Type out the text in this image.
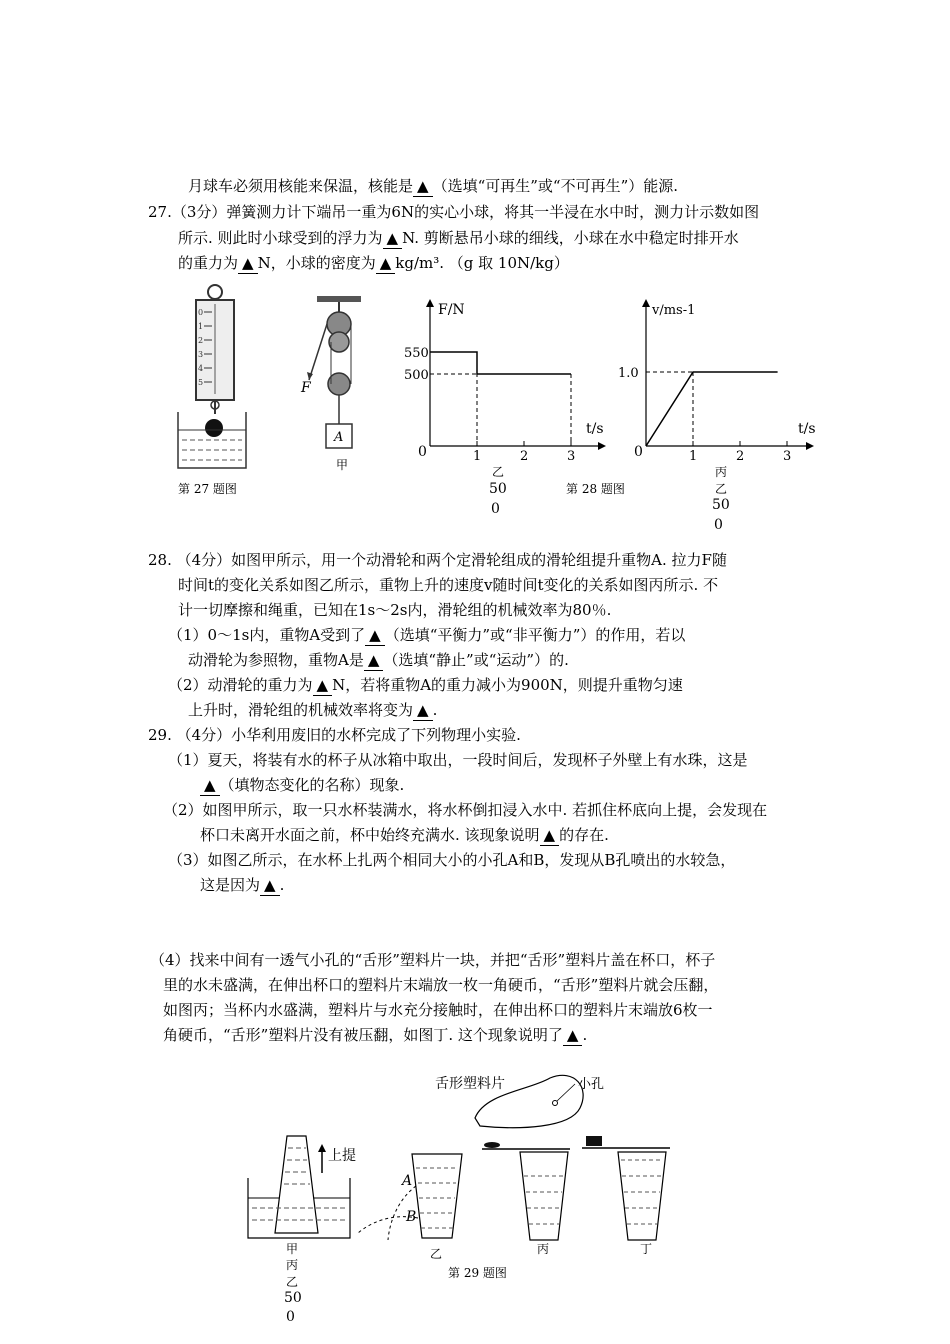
月球车必须用核能来保温，核能是 ▲ （选填“可再生”或“不可再生”）能源.
27.（3分）弹簧测力计下端吊一重为6N的实心小球，将其一半浸在水中时，测力计示数如图
所示. 则此时小球受到的浮力为 ▲ N. 剪断悬吊小球的细线，小球在水中稳定时排开水
的重力为 ▲ N，小球的密度为 ▲ kg/m³. （g 取 10N/kg）
0
1
2
3
4
5
第 27 题图
F
A
甲
F/N
t/s
0	1	2	3
550
500
乙
50
0
第 28 题图
v/ms-1
t/s
0	1	2	3
1.0
丙
乙
50
0
28. （4分）如图甲所示，用一个动滑轮和两个定滑轮组成的滑轮组提升重物A. 拉力F随
时间t的变化关系如图乙所示，重物上升的速度v随时间t变化的关系如图丙所示. 不
计一切摩擦和绳重，已知在1s～2s内，滑轮组的机械效率为80％.
（1）0～1s内，重物A受到了 ▲ （选填“平衡力”或“非平衡力”）的作用，若以
动滑轮为参照物，重物A是 ▲ （选填“静止”或“运动”）的.
（2）动滑轮的重力为 ▲ N，若将重物A的重力减小为900N，则提升重物匀速
上升时，滑轮组的机械效率将变为 ▲ .
29. （4分）小华利用废旧的水杯完成了下列物理小实验.
（1）夏天，将装有水的杯子从冰箱中取出，一段时间后，发现杯子外壁上有水珠，这是
▲ （填物态变化的名称）现象.
（2）如图甲所示，取一只水杯装满水，将水杯倒扣浸入水中. 若抓住杯底向上提，会发现在
杯口未离开水面之前，杯中始终充满水. 该现象说明 ▲ 的存在.
（3）如图乙所示，在水杯上扎两个相同大小的小孔A和B，发现从B孔喷出的水较急，
这是因为 ▲ .
（4）找来中间有一透气小孔的“舌形”塑料片一块，并把“舌形”塑料片盖在杯口，杯子
里的水未盛满，在伸出杯口的塑料片末端放一枚一角硬币，“舌形”塑料片就会压翻，
如图丙；当杯内水盛满，塑料片与水充分接触时，在伸出杯口的塑料片末端放6枚一
角硬币，“舌形”塑料片没有被压翻，如图丁. 这个现象说明了 ▲ .
舌形塑料片	小孔
上提
A
B
甲
丙
乙
50
0
乙	丙	丁
第 29 题图
